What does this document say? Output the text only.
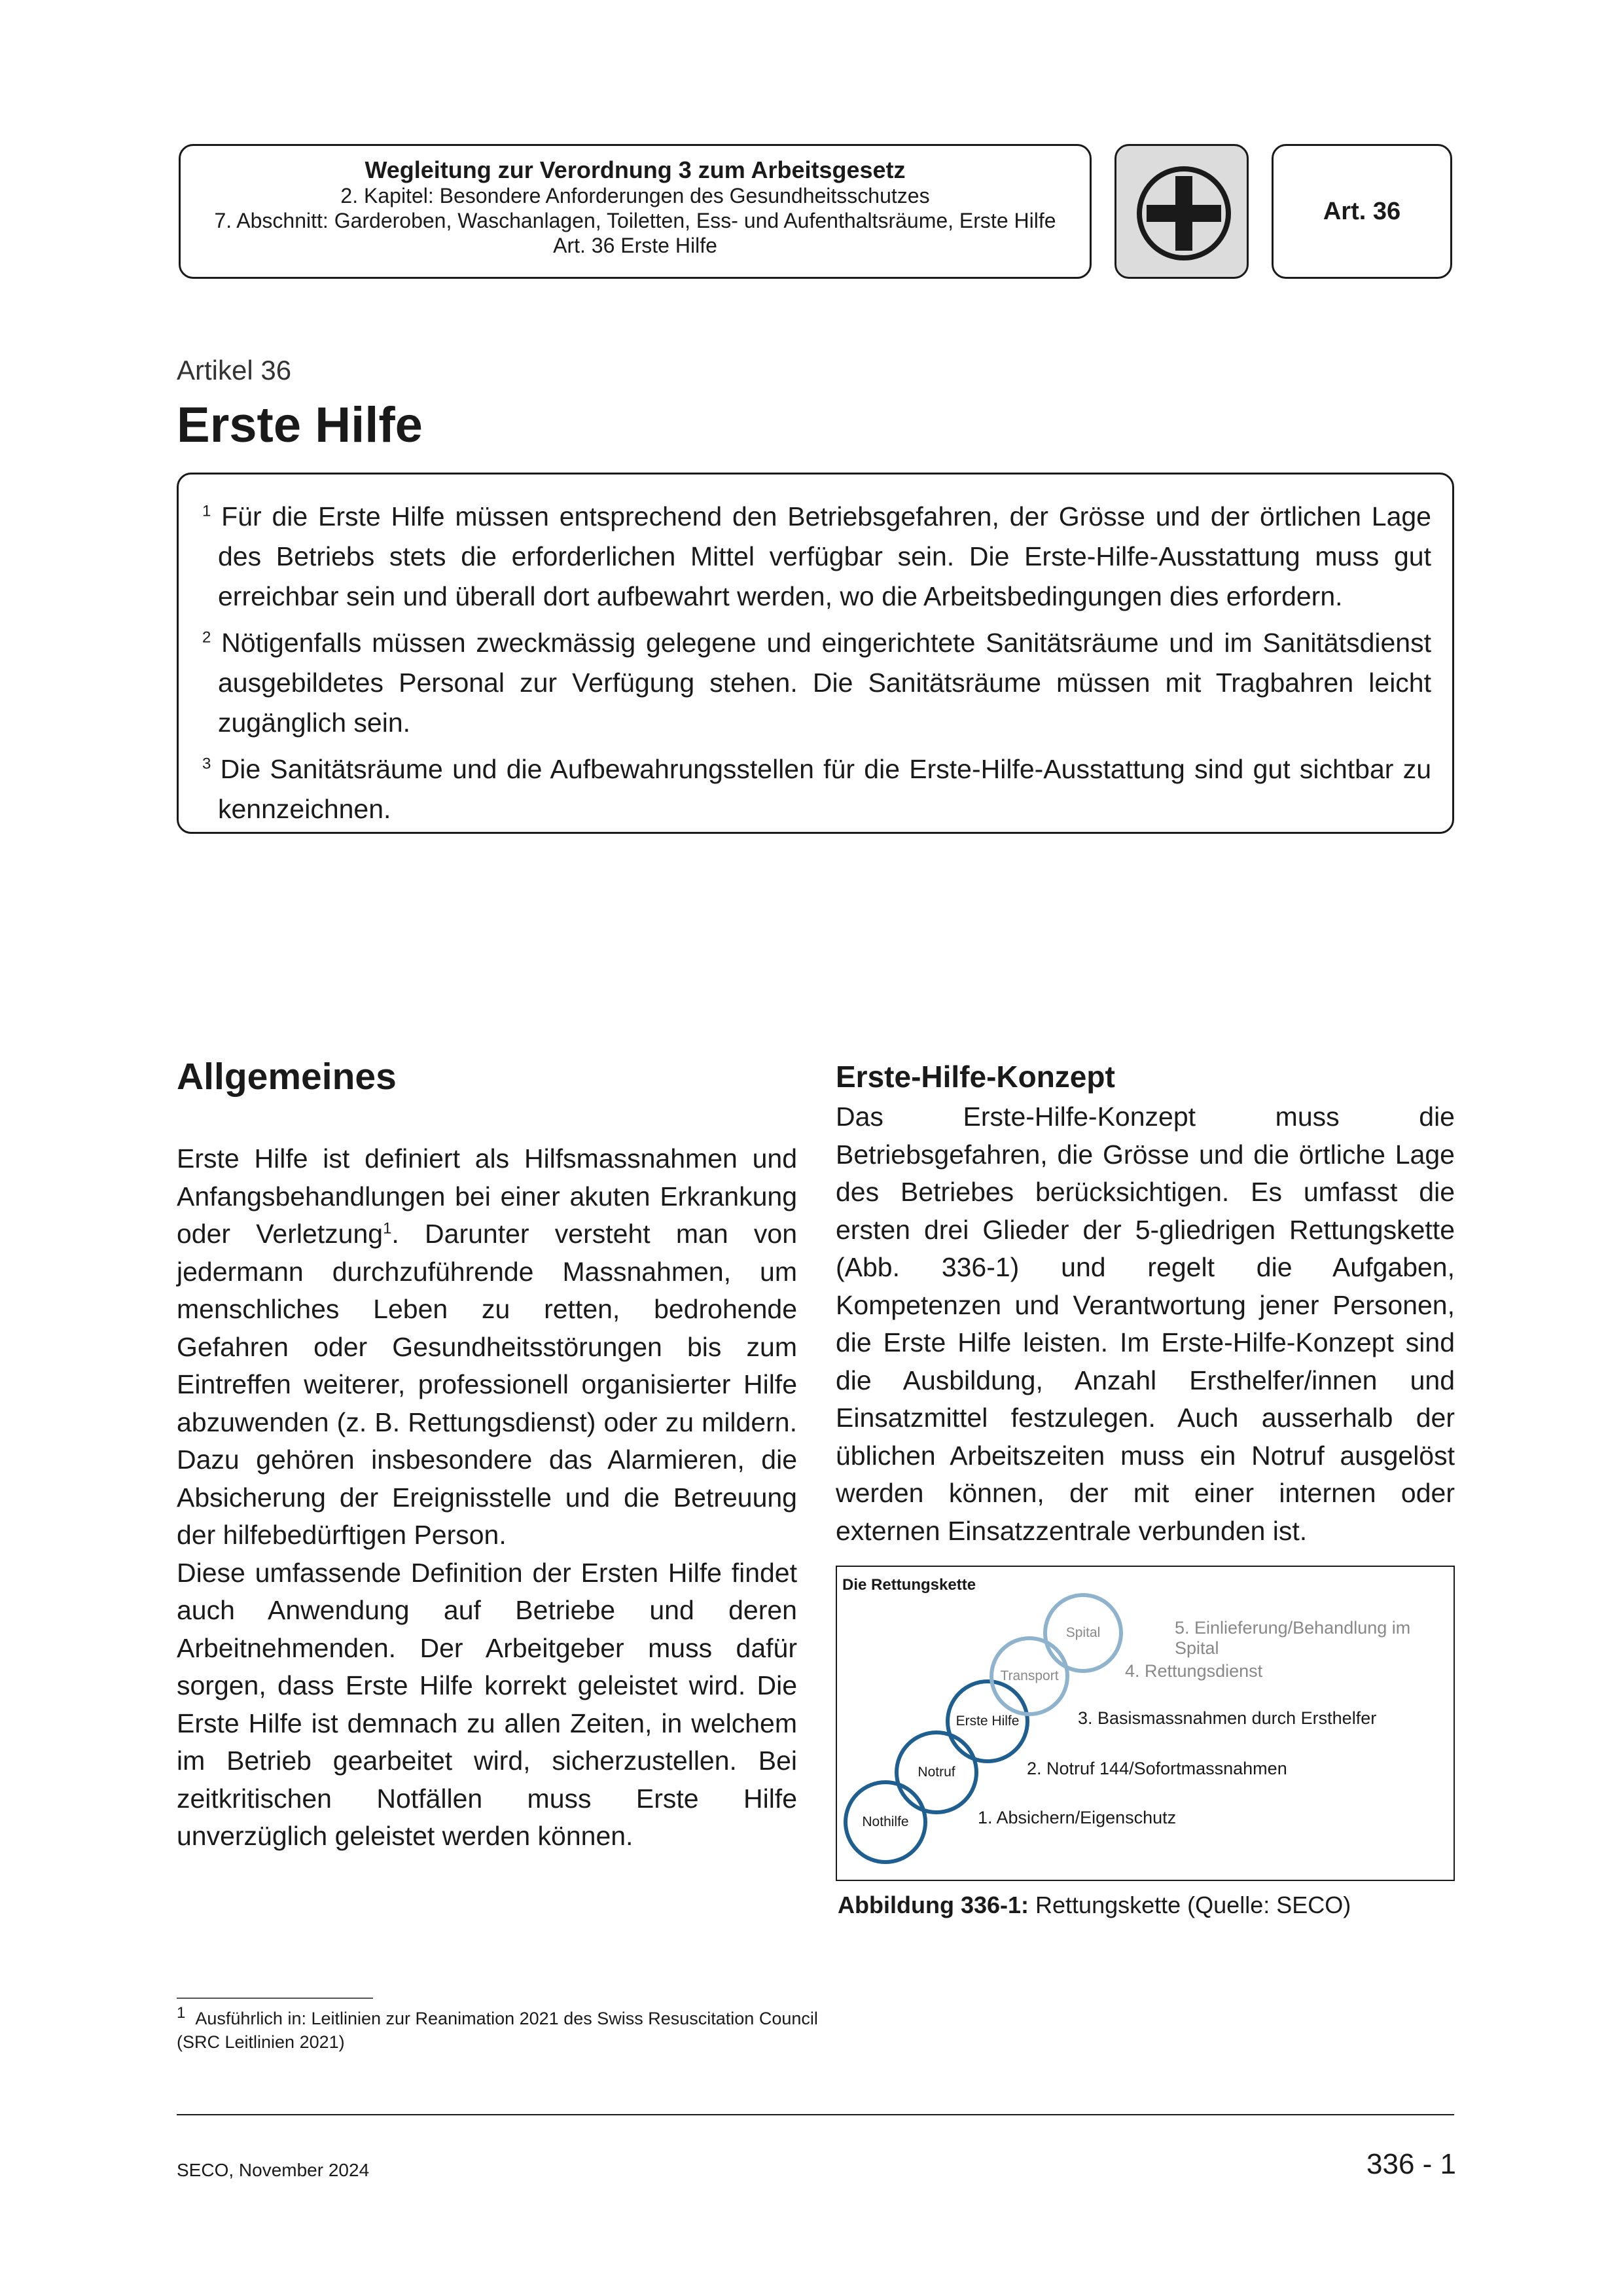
Wegleitung zur Verordnung 3 zum Arbeitsgesetz
2. Kapitel: Besondere Anforderungen des Gesundheitsschutzes
7. Abschnitt: Garderoben, Waschanlagen, Toiletten, Ess- und Aufenthaltsräume, Erste Hilfe
Art. 36 Erste Hilfe
Art. 36
Artikel 36
Erste Hilfe

$^1$ Für die Erste Hilfe müssen entsprechend den Betriebsgefahren, der Grösse und der örtlichen Lage des Betriebs stets die erforderlichen Mittel verfügbar sein. Die Erste-Hilfe-Ausstattung muss gut erreichbar sein und überall dort aufbewahrt werden, wo die Arbeitsbedingungen dies erfordern.

$^2$ Nötigenfalls müssen zweckmässig gelegene und eingerichtete Sanitätsräume und im Sanitätsdienst ausgebildetes Personal zur Verfügung stehen. Die Sanitätsräume müssen mit Tragbahren leicht zugänglich sein.

$^3$ Die Sanitätsräume und die Aufbewahrungsstellen für die Erste-Hilfe-Ausstattung sind gut sichtbar zu kennzeichnen.

Allgemeines

Erste Hilfe ist definiert als Hilfsmassnahmen und Anfangsbehandlungen bei einer akuten Erkrankung oder Verletzung$^1$. Darunter versteht man von jedermann durchzuführende Massnahmen, um menschliches Leben zu retten, bedrohende Gefahren oder Gesundheitsstörungen bis zum Eintreffen weiterer, professionell organisierter Hilfe abzuwenden (z. B. Rettungsdienst) oder zu mildern. Dazu gehören insbesondere das Alarmieren, die Absicherung der Ereignisstelle und die Betreuung der hilfebedürftigen Person.

Diese umfassende Definition der Ersten Hilfe findet auch Anwendung auf Betriebe und deren Arbeitnehmenden. Der Arbeitgeber muss dafür sorgen, dass Erste Hilfe korrekt geleistet wird. Die Erste Hilfe ist demnach zu allen Zeiten, in welchem im Betrieb gearbeitet wird, sicherzustellen. Bei zeitkritischen Notfällen muss Erste Hilfe unverzüglich geleistet werden können.

Erste-Hilfe-Konzept

Das Erste-Hilfe-Konzept muss die Betriebsgefahren, die Grösse und die örtliche Lage des Betriebes berücksichtigen. Es umfasst die ersten drei Glieder der 5-gliedrigen Rettungskette (Abb. 336-1) und regelt die Aufgaben, Kompetenzen und Verantwortung jener Personen, die Erste Hilfe leisten. Im Erste-Hilfe-Konzept sind die Ausbildung, Anzahl Ersthelfer/innen und Einsatzmittel festzulegen. Auch ausserhalb der üblichen Arbeitszeiten muss ein Notruf ausgelöst werden können, der mit einer internen oder externen Einsatzzentrale verbunden ist.

Die Rettungskette
Nothilfe	1. Absichern/Eigenschutz
Notruf	2. Notruf 144/Sofortmassnahmen
Erste Hilfe	3. Basismassnahmen durch Ersthelfer
Transport	4. Rettungsdienst
Spital	5. Einlieferung/Behandlung im Spital
Abbildung 336-1: Rettungskette (Quelle: SECO)
1 Ausführlich in: Leitlinien zur Reanimation 2021 des Swiss Resuscitation Council (SRC Leitlinien 2021)
SECO, November 2024	336 - 1
